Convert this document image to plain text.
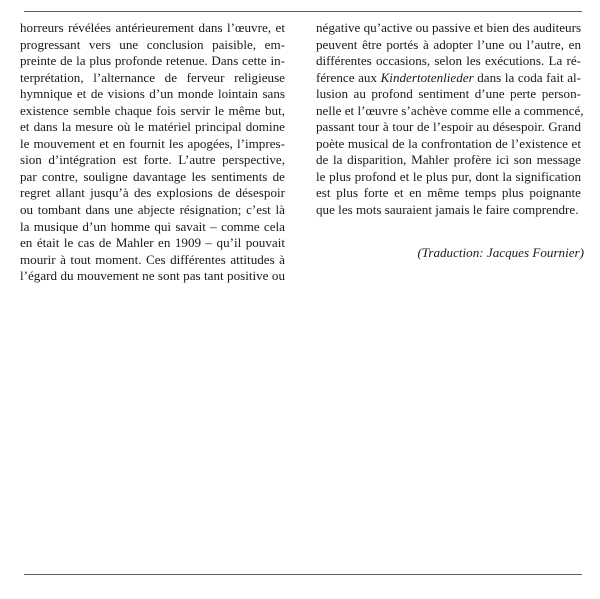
horreurs révélées antérieurement dans l’œuvre, et
progressant vers une conclusion paisible, em-
preinte de la plus profonde retenue. Dans cette in-
terprétation, l’alternance de ferveur religieuse
hymnique et de visions d’un monde lointain sans
existence semble chaque fois servir le même but,
et dans la mesure où le matériel principal domine
le mouvement et en fournit les apogées, l’impres-
sion d’intégration est forte. L’autre perspective,
par contre, souligne davantage les sentiments de
regret allant jusqu’à des explosions de désespoir
ou tombant dans une abjecte résignation; c’est là
la musique d’un homme qui savait – comme cela
en était le cas de Mahler en 1909 – qu’il pouvait
mourir à tout moment. Ces différentes attitudes à
l’égard du mouvement ne sont pas tant positive ou
négative qu’active ou passive et bien des auditeurs
peuvent être portés à adopter l’une ou l’autre, en
différentes occasions, selon les exécutions. La ré-
férence aux Kindertotenlieder dans la coda fait al-
lusion au profond sentiment d’une perte person-
nelle et l’œuvre s’achève comme elle a commencé,
passant tour à tour de l’espoir au désespoir. Grand
poète musical de la confrontation de l’existence et
de la disparition, Mahler profère ici son message
le plus profond et le plus pur, dont la signification
est plus forte et en même temps plus poignante
que les mots sauraient jamais le faire comprendre.
(Traduction: Jacques Fournier)
